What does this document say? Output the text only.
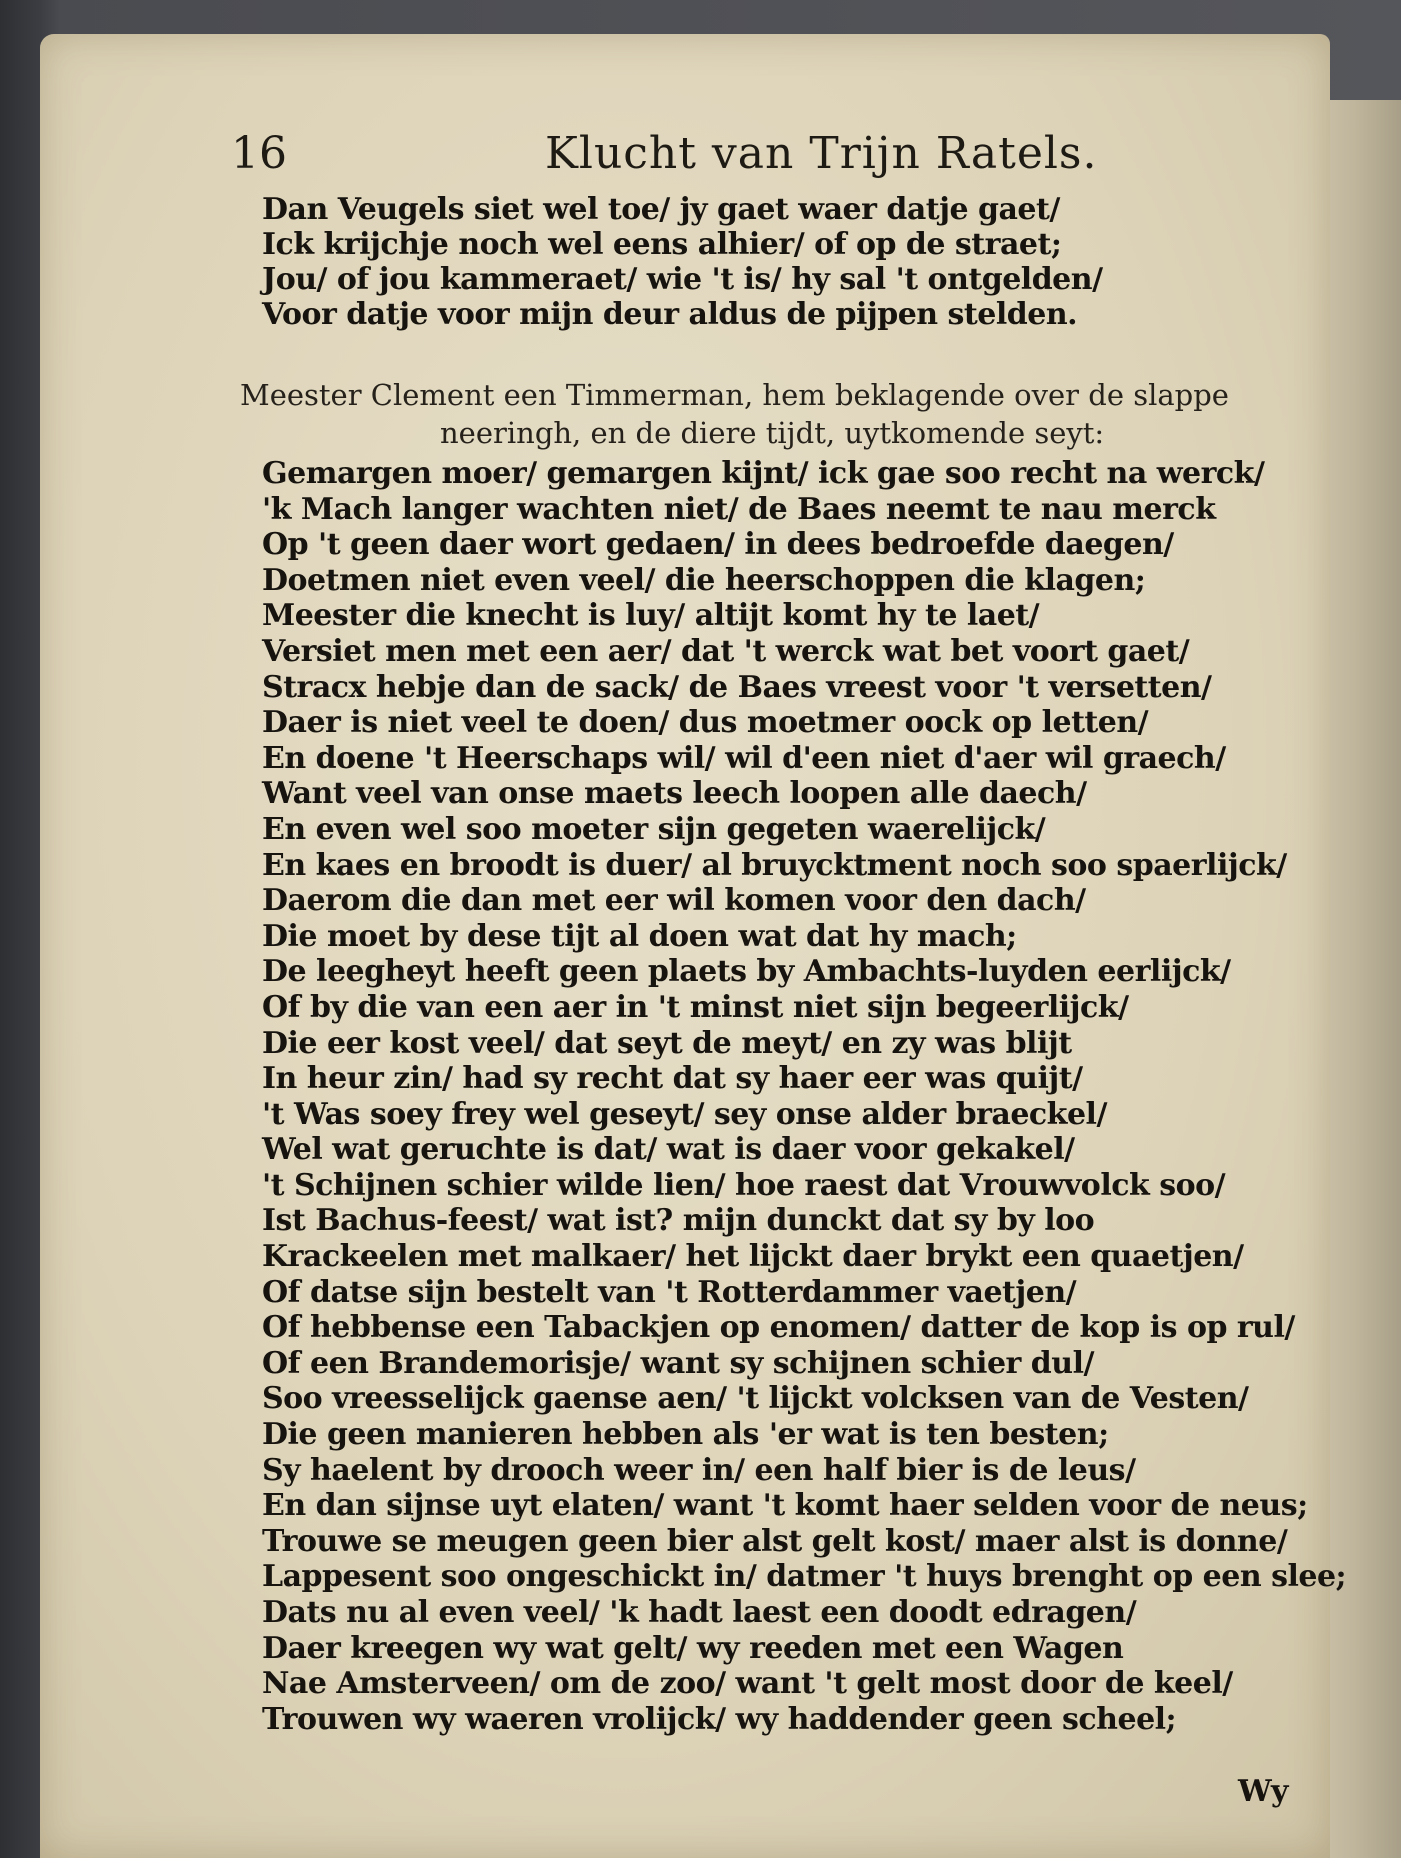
16	Klucht van Trijn Ratels.
Dan Veugels siet wel toe/ jy gaet waer datje gaet/
Ick krijchje noch wel eens alhier/ of op de straet;
Jou/ of jou kammeraet/ wie 't is/ hy sal 't ontgelden/
Voor datje voor mijn deur aldus de pijpen stelden.
Meester Clement een Timmerman, hem beklagende over de slappe
neeringh, en de diere tijdt, uytkomende seyt:
Gemargen moer/ gemargen kijnt/ ick gae soo recht na werck/
'k Mach langer wachten niet/ de Baes neemt te nau merck
Op 't geen daer wort gedaen/ in dees bedroefde daegen/
Doetmen niet even veel/ die heerschoppen die klagen;
Meester die knecht is luy/ altijt komt hy te laet/
Versiet men met een aer/ dat 't werck wat bet voort gaet/
Stracx hebje dan de sack/ de Baes vreest voor 't versetten/
Daer is niet veel te doen/ dus moetmer oock op letten/
En doene 't Heerschaps wil/ wil d'een niet d'aer wil graech/
Want veel van onse maets leech loopen alle daech/
En even wel soo moeter sijn gegeten waerelijck/
En kaes en broodt is duer/ al bruycktment noch soo spaerlijck/
Daerom die dan met eer wil komen voor den dach/
Die moet by dese tijt al doen wat dat hy mach;
De leegheyt heeft geen plaets by Ambachts-luyden eerlijck/
Of by die van een aer in 't minst niet sijn begeerlijck/
Die eer kost veel/ dat seyt de meyt/ en zy was blijt
In heur zin/ had sy recht dat sy haer eer was quijt/
't Was soey frey wel geseyt/ sey onse alder braeckel/
Wel wat geruchte is dat/ wat is daer voor gekakel/
't Schijnen schier wilde lien/ hoe raest dat Vrouwvolck soo/
Ist Bachus-feest/ wat ist? mijn dunckt dat sy by loo
Krackeelen met malkaer/ het lijckt daer brykt een quaetjen/
Of datse sijn bestelt van 't Rotterdammer vaetjen/
Of hebbense een Tabackjen op enomen/ datter de kop is op rul/
Of een Brandemorisje/ want sy schijnen schier dul/
Soo vreesselijck gaense aen/ 't lijckt volcksen van de Vesten/
Die geen manieren hebben als 'er wat is ten besten;
Sy haelent by drooch weer in/ een half bier is de leus/
En dan sijnse uyt elaten/ want 't komt haer selden voor de neus;
Trouwe se meugen geen bier alst gelt kost/ maer alst is donne/
Lappesent soo ongeschickt in/ datmer 't huys brenght op een slee;
Dats nu al even veel/ 'k hadt laest een doodt edragen/
Daer kreegen wy wat gelt/ wy reeden met een Wagen
Nae Amsterveen/ om de zoo/ want 't gelt most door de keel/
Trouwen wy waeren vrolijck/ wy haddender geen scheel;
Wy
